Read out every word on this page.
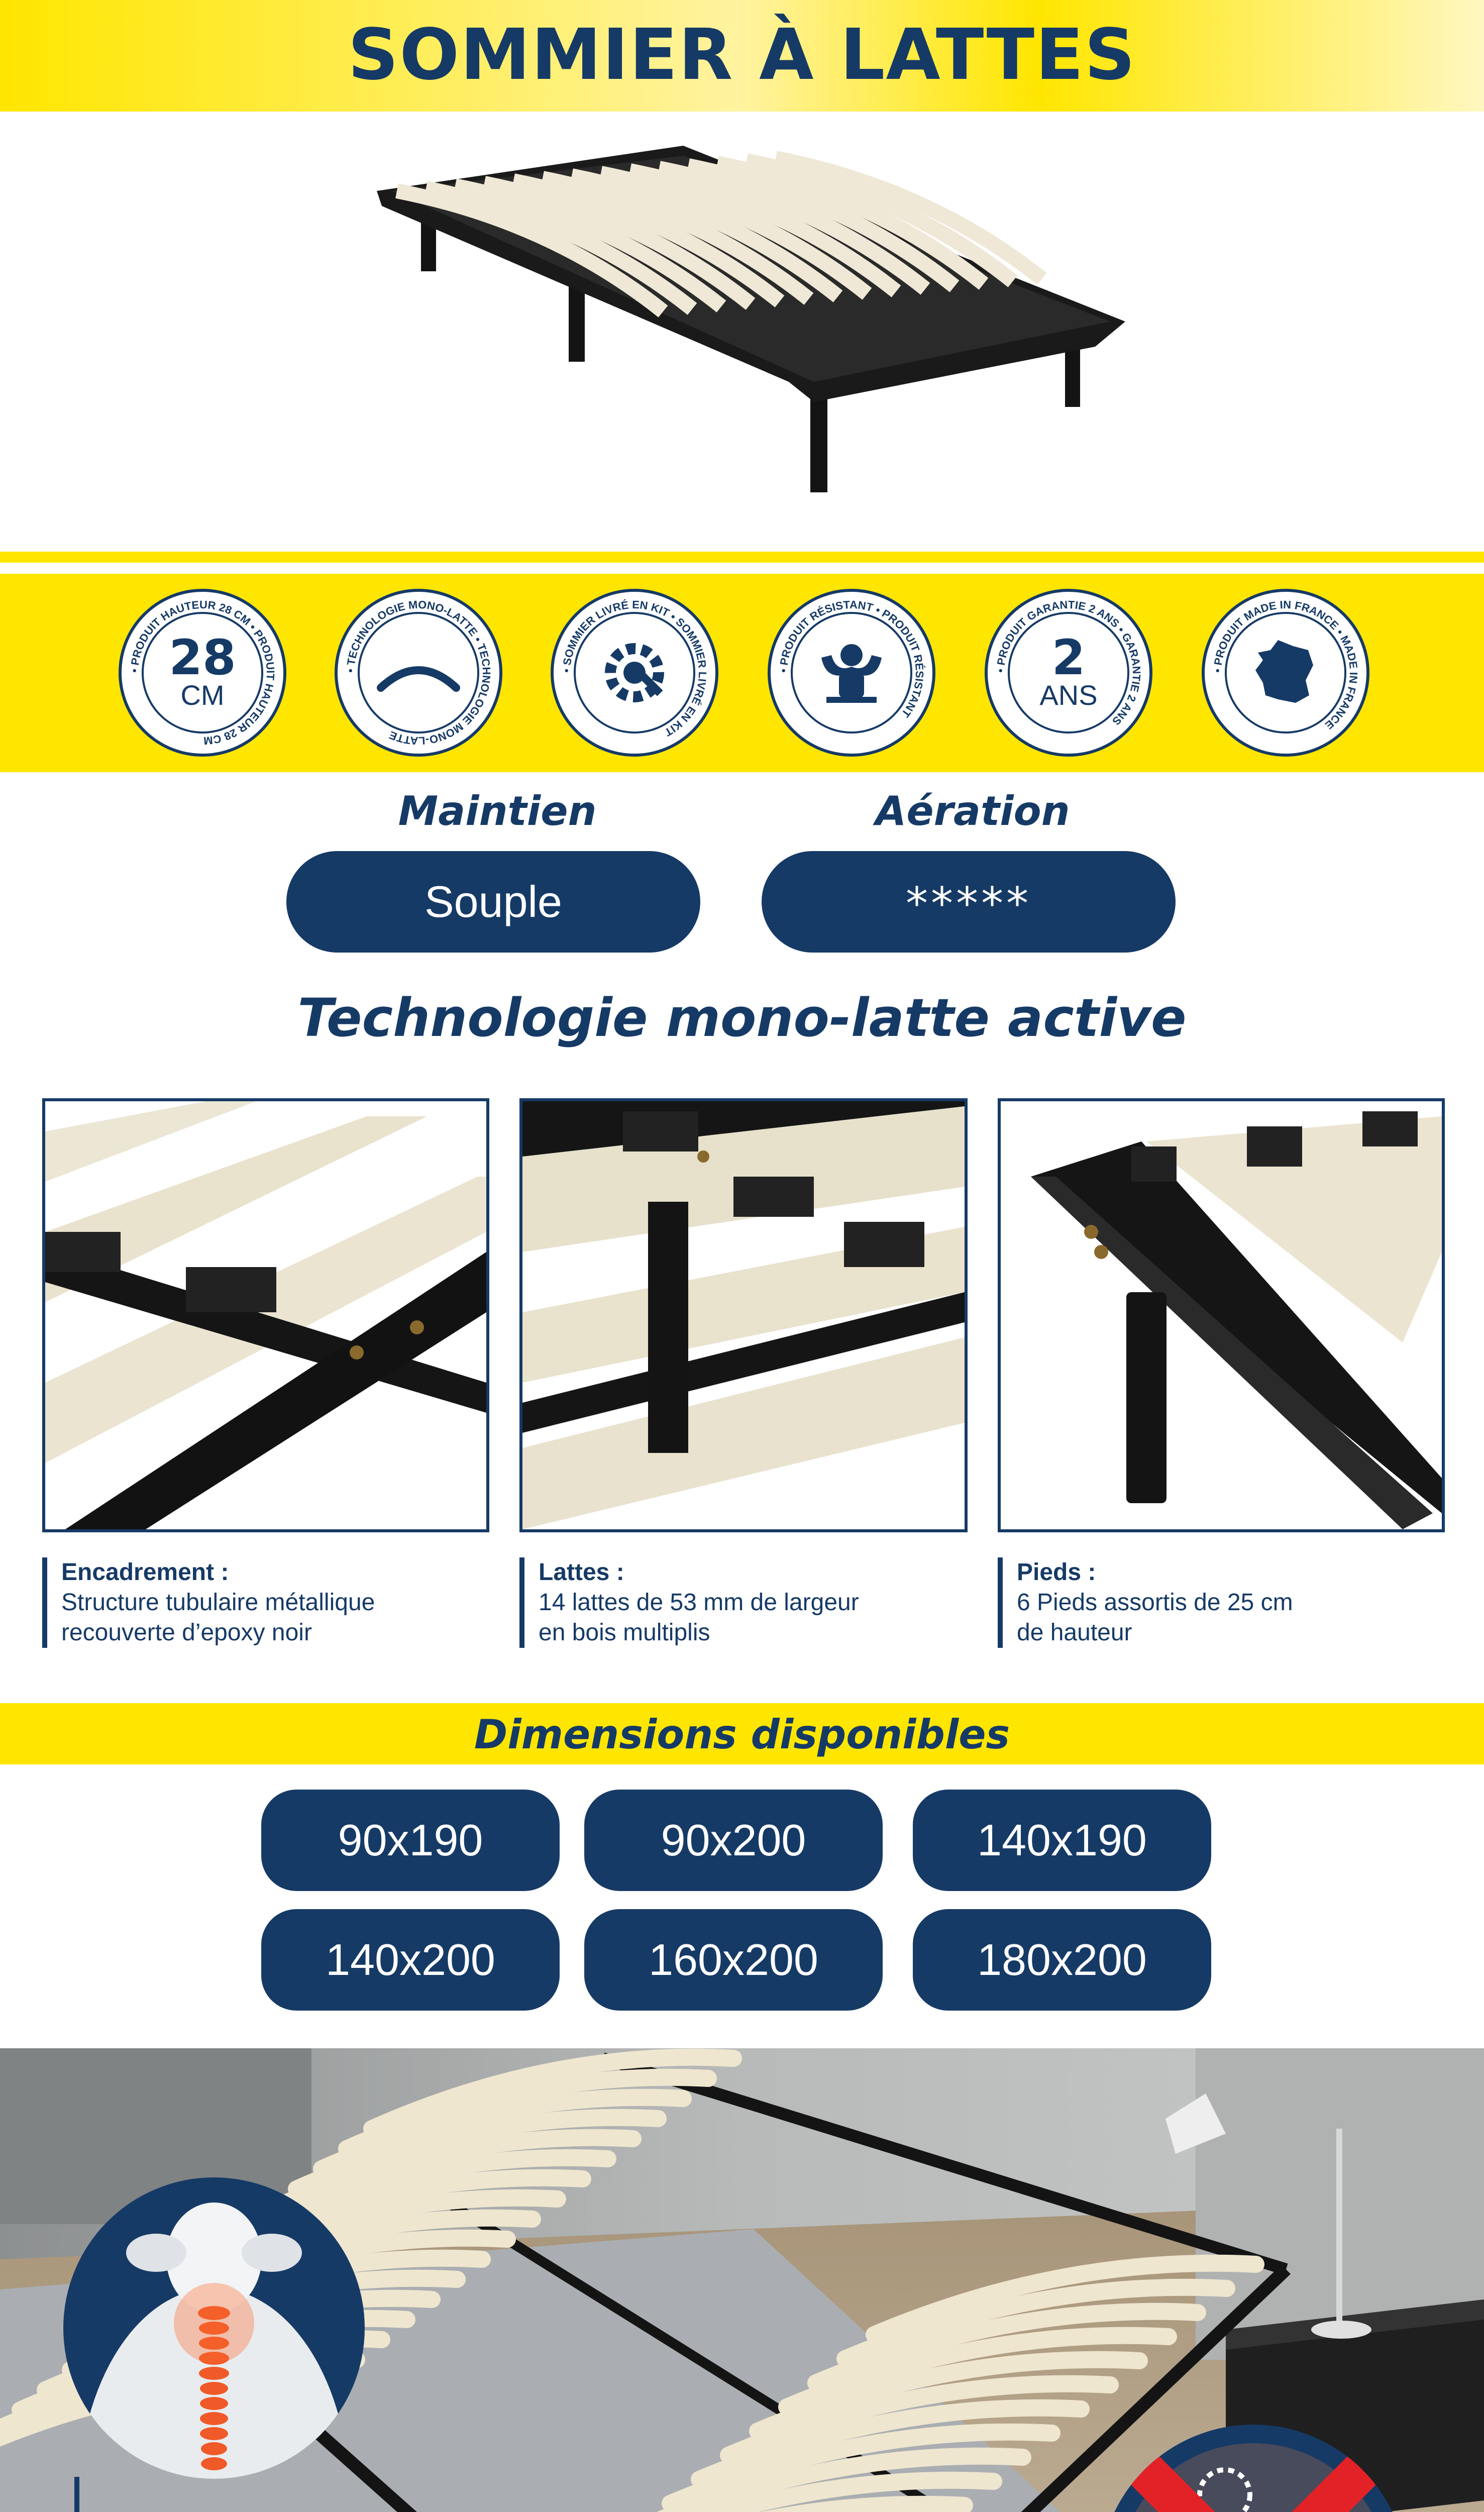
SOMMIER À LATTES
• PRODUIT HAUTEUR 28 CM • PRODUIT HAUTEUR 28 CM
28
CM
• TECHNOLOGIE MONO-LATTE • TECHNOLOGIE MONO-LATTE
• SOMMIER LIVRÉ EN KIT • SOMMIER LIVRÉ EN KIT
• PRODUIT RÉSISTANT • PRODUIT RÉSISTANT
• PRODUIT GARANTIE 2 ANS • GARANTIE 2 ANS
2
ANS
• PRODUIT MADE IN FRANCE • MADE IN FRANCE
Maintien	Aération
Souple	*****
Technologie mono-latte active
Encadrement :
Structure tubulaire métallique
recouverte d’epoxy noir
Lattes :
14 lattes de 53 mm de largeur
en bois multiplis
Pieds :
6 Pieds assortis de 25 cm
de hauteur
Dimensions disponibles
90x190	90x200	140x190
140x200	160x200	180x200
